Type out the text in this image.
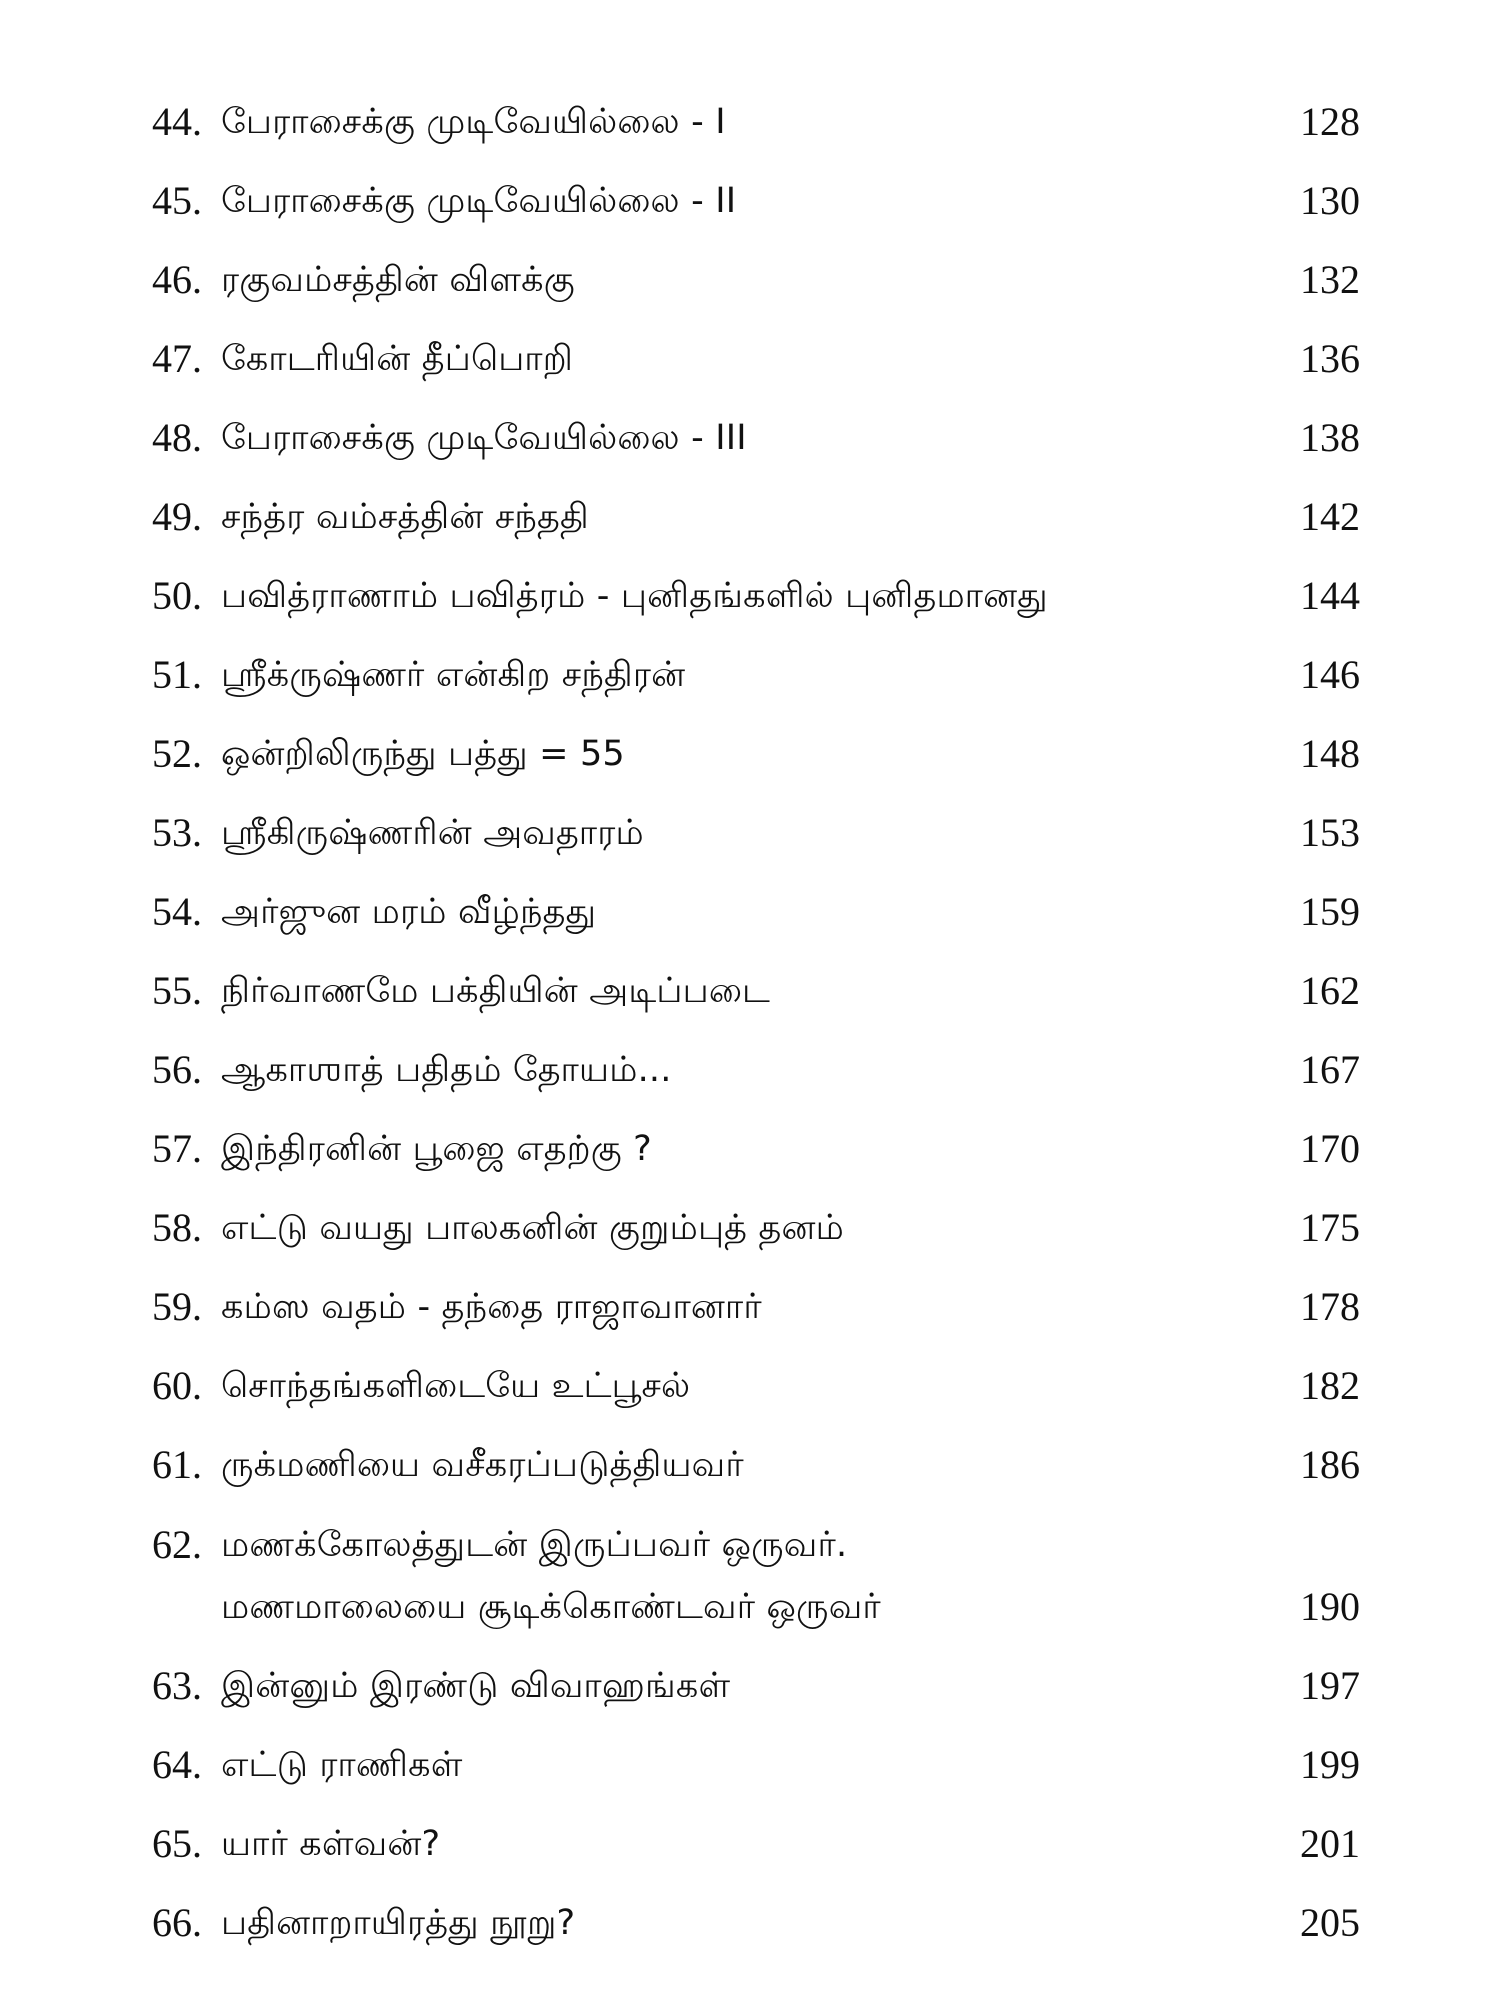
44. பேராசைக்கு முடிவேயில்லை - I	128
45. பேராசைக்கு முடிவேயில்லை - II	130
46. ரகுவம்சத்தின் விளக்கு	132
47. கோடரியின் தீப்பொறி	136
48. பேராசைக்கு முடிவேயில்லை - III	138
49. சந்த்ர வம்சத்தின் சந்ததி	142
50. பவித்ராணாம் பவித்ரம் - புனிதங்களில் புனிதமானது	144
51. ஸ்ரீக்ருஷ்ணர் என்கிற சந்திரன்	146
52. ஒன்றிலிருந்து பத்து = 55	148
53. ஸ்ரீகிருஷ்ணரின் அவதாரம்	153
54. அர்ஜுன மரம் வீழ்ந்தது	159
55. நிர்வாணமே பக்தியின் அடிப்படை	162
56. ஆகாஶாத் பதிதம் தோயம்...	167
57. இந்திரனின் பூஜை எதற்கு ?	170
58. எட்டு வயது பாலகனின் குறும்புத் தனம்	175
59. கம்ஸ வதம் - தந்தை ராஜாவானார்	178
60. சொந்தங்களிடையே உட்பூசல்	182
61. ருக்மணியை வசீகரப்படுத்தியவர்	186
62. மணக்கோலத்துடன் இருப்பவர் ஒருவர்.
மணமாலையை சூடிக்கொண்டவர் ஒருவர்	190
63. இன்னும் இரண்டு விவாஹங்கள்	197
64. எட்டு ராணிகள்	199
65. யார் கள்வன்?	201
66. பதினாறாயிரத்து நூறு?	205
